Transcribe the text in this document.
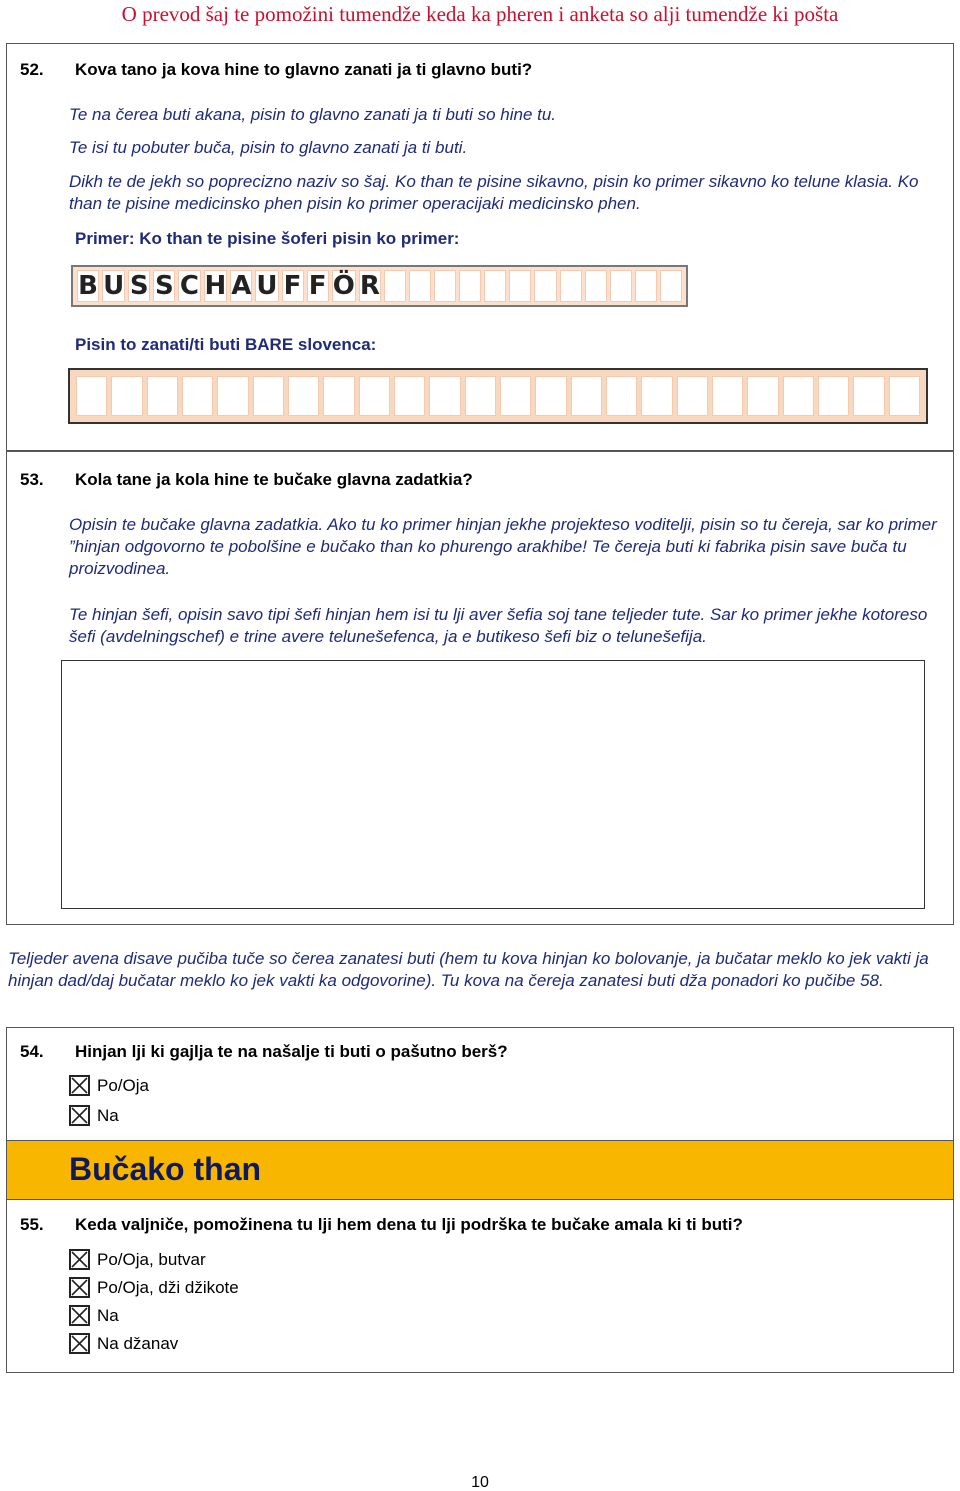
O prevod šaj te pomožini tumendže keda ka pheren i anketa so alji tumendže ki pošta
52. Kova tano ja kova hine to glavno zanati ja ti glavno buti?
Te na čerea buti akana, pisin to glavno zanati ja ti buti so hine tu.
Te isi tu pobuter buča, pisin to glavno zanati ja ti buti.
Dikh te de jekh so poprecizno naziv so šaj. Ko than te pisine sikavno, pisin ko primer sikavno ko telune klasia. Ko than te pisine medicinsko phen pisin ko primer operacijaki medicinsko phen.
Primer: Ko than te pisine šoferi pisin ko primer:
B U S S C H A U F F Ö R
Pisin to zanati/ti buti BARE slovenca:
53. Kola tane ja kola hine te bučake glavna zadatkia?
Opisin te bučake glavna zadatkia. Ako tu ko primer hinjan jekhe projekteso voditelji, pisin so tu čereja, sar ko primer ”hinjan odgovorno te pobolšine e bučako than ko phurengo arakhibe! Te čereja buti ki fabrika pisin save buča tu proizvodinea.
Te hinjan šefi, opisin savo tipi šefi hinjan hem isi tu lji aver šefia soj tane teljeder tute. Sar ko primer jekhe kotoreso šefi (avdelningschef) e trine avere telunešefenca, ja e butikeso šefi biz o telunešefija.
Teljeder avena disave pučiba tuče so čerea zanatesi buti (hem tu kova hinjan ko bolovanje, ja bučatar meklo ko jek vakti ja hinjan dad/daj bučatar meklo ko jek vakti ka odgovorine). Tu kova na čereja zanatesi buti dža ponadori ko pučibe 58.
54. Hinjan lji ki gajlja te na našalje ti buti o pašutno berš?
Po/Oja
Na
Bučako than
55. Keda valjniče, pomožinena tu lji hem dena tu lji podrška te bučake amala ki ti buti?
Po/Oja, butvar
Po/Oja, dži džikote
Na
Na džanav
10
